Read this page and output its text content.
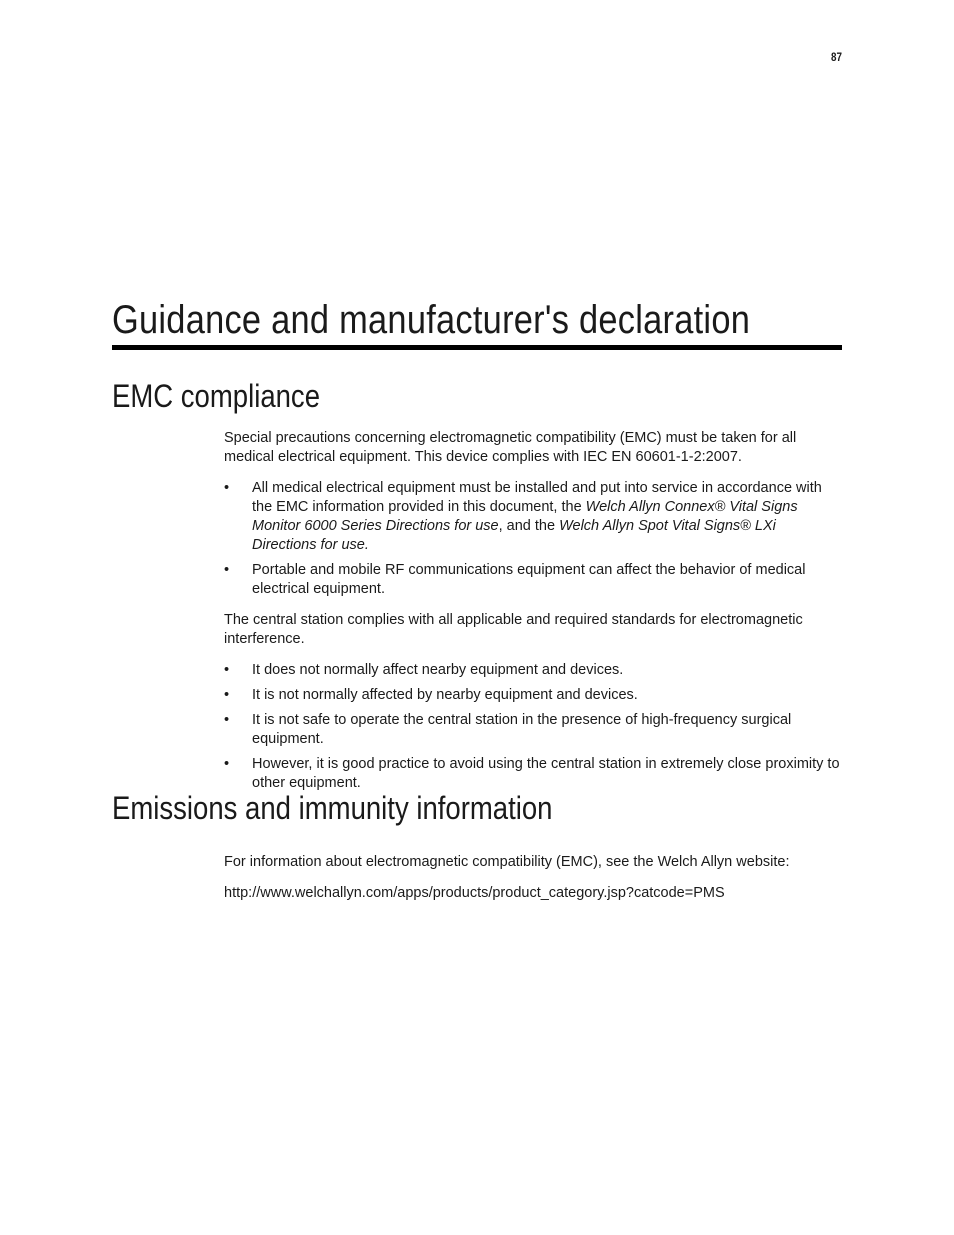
87
Guidance and manufacturer's declaration
EMC compliance

Special precautions concerning electromagnetic compatibility (EMC) must be taken for all medical electrical equipment. This device complies with IEC EN 60601-1-2:2007.

• All medical electrical equipment must be installed and put into service in accordance with the EMC information provided in this document, the Welch Allyn Connex® Vital Signs Monitor 6000 Series Directions for use, and the Welch Allyn Spot Vital Signs® LXi Directions for use.
• Portable and mobile RF communications equipment can affect the behavior of medical electrical equipment.

The central station complies with all applicable and required standards for electromagnetic interference.

• It does not normally affect nearby equipment and devices.
• It is not normally affected by nearby equipment and devices.
• It is not safe to operate the central station in the presence of high-frequency surgical equipment.
• However, it is good practice to avoid using the central station in extremely close proximity to other equipment.
Emissions and immunity information

For information about electromagnetic compatibility (EMC), see the Welch Allyn website:

http://www.welchallyn.com/apps/products/product_category.jsp?catcode=PMS
